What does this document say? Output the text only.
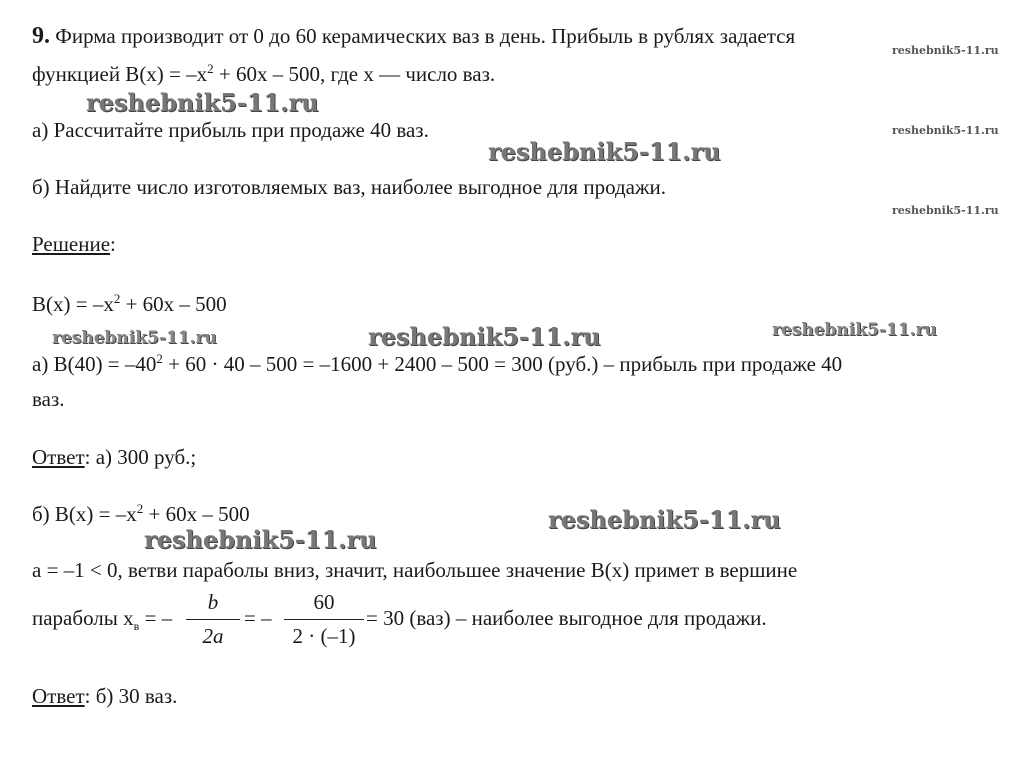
9. Фирма производит от 0 до 60 керамических ваз в день. Прибыль в рублях задается
функцией $B(x) = -x^2 + 60x - 500$, где x — число ваз.
а) Рассчитайте прибыль при продаже 40 ваз.
б) Найдите число изготовляемых ваз, наиболее выгодное для продажи.
Решение:
$B(x) = -x^2 + 60x - 500$
а) $B(40) = -40^2 + 60 \cdot 40 - 500 = -1600 + 2400 - 500 = 300$ (руб.) – прибыль при продаже 40
ваз.
Ответ: а) 300 руб.;
б) $B(x) = -x^2 + 60x - 500$
a = –1 < 0, ветви параболы вниз, значит, наибольшее значение B(x) примет в вершине
параболы $x_в$ = – $\frac{b}{2a}$ = – $\frac{60}{2 \cdot (-1)} = 30$ (ваз) – наиболее выгодное для продажи.
Ответ: б) 30 ваз.
reshebnik5-11.ru
reshebnik5-11.ru
reshebnik5-11.ru
reshebnik5-11.ru
reshebnik5-11.ru
reshebnik5-11.ru	reshebnik5-11.ru	reshebnik5-11.ru
reshebnik5-11.ru
reshebnik5-11.ru
